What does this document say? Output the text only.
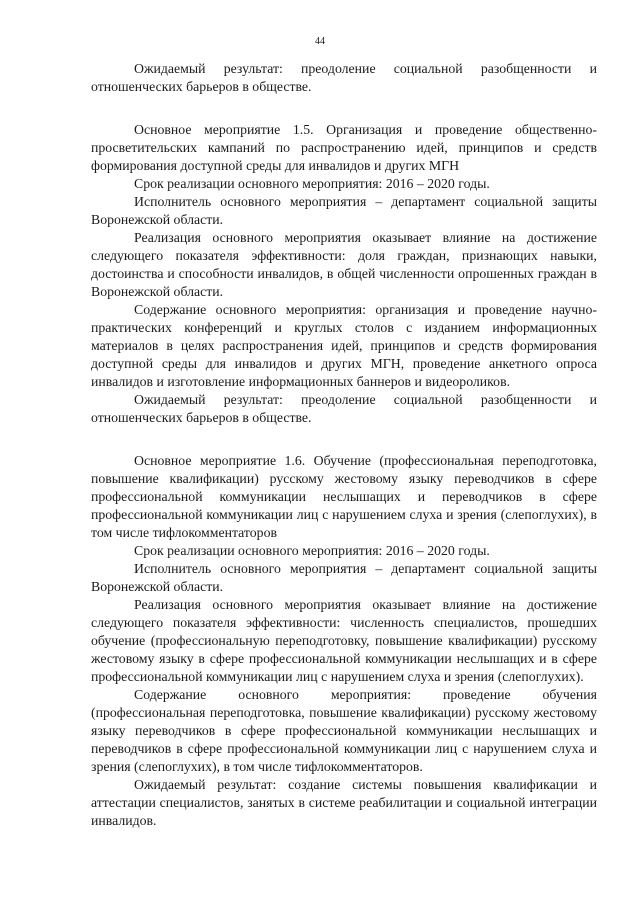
44

Ожидаемый результат: преодоление социальной разобщенности и отношенческих барьеров в обществе.

Основное мероприятие 1.5. Организация и проведение общественно-просветительских кампаний по распространению идей, принципов и средств формирования доступной среды для инвалидов и других МГН

Срок реализации основного мероприятия: 2016 – 2020 годы.

Исполнитель основного мероприятия – департамент социальной защиты Воронежской области.

Реализация основного мероприятия оказывает влияние на достижение следующего показателя эффективности: доля граждан, признающих навыки, достоинства и способности инвалидов, в общей численности опрошенных граждан в Воронежской области.

Содержание основного мероприятия: организация и проведение научно-практических конференций и круглых столов с изданием информационных материалов в целях распространения идей, принципов и средств формирования доступной среды для инвалидов и других МГН, проведение анкетного опроса инвалидов и изготовление информационных баннеров и видеороликов.

Ожидаемый результат: преодоление социальной разобщенности и отношенческих барьеров в обществе.

Основное мероприятие 1.6. Обучение (профессиональная переподготовка, повышение квалификации) русскому жестовому языку переводчиков в сфере профессиональной коммуникации неслышащих и переводчиков в сфере профессиональной коммуникации лиц с нарушением слуха и зрения (слепоглухих), в том числе тифлокомментаторов

Срок реализации основного мероприятия: 2016 – 2020 годы.

Исполнитель основного мероприятия – департамент социальной защиты Воронежской области.

Реализация основного мероприятия оказывает влияние на достижение следующего показателя эффективности: численность специалистов, прошедших обучение (профессиональную переподготовку, повышение квалификации) русскому жестовому языку в сфере профессиональной коммуникации неслышащих и в сфере профессиональной коммуникации лиц с нарушением слуха и зрения (слепоглухих).

Содержание основного мероприятия: проведение обучения (профессиональная переподготовка, повышение квалификации) русскому жестовому языку переводчиков в сфере профессиональной коммуникации неслышащих и переводчиков в сфере профессиональной коммуникации лиц с нарушением слуха и зрения (слепоглухих), в том числе тифлокомментаторов.

Ожидаемый результат: создание системы повышения квалификации и аттестации специалистов, занятых в системе реабилитации и социальной интеграции инвалидов.
